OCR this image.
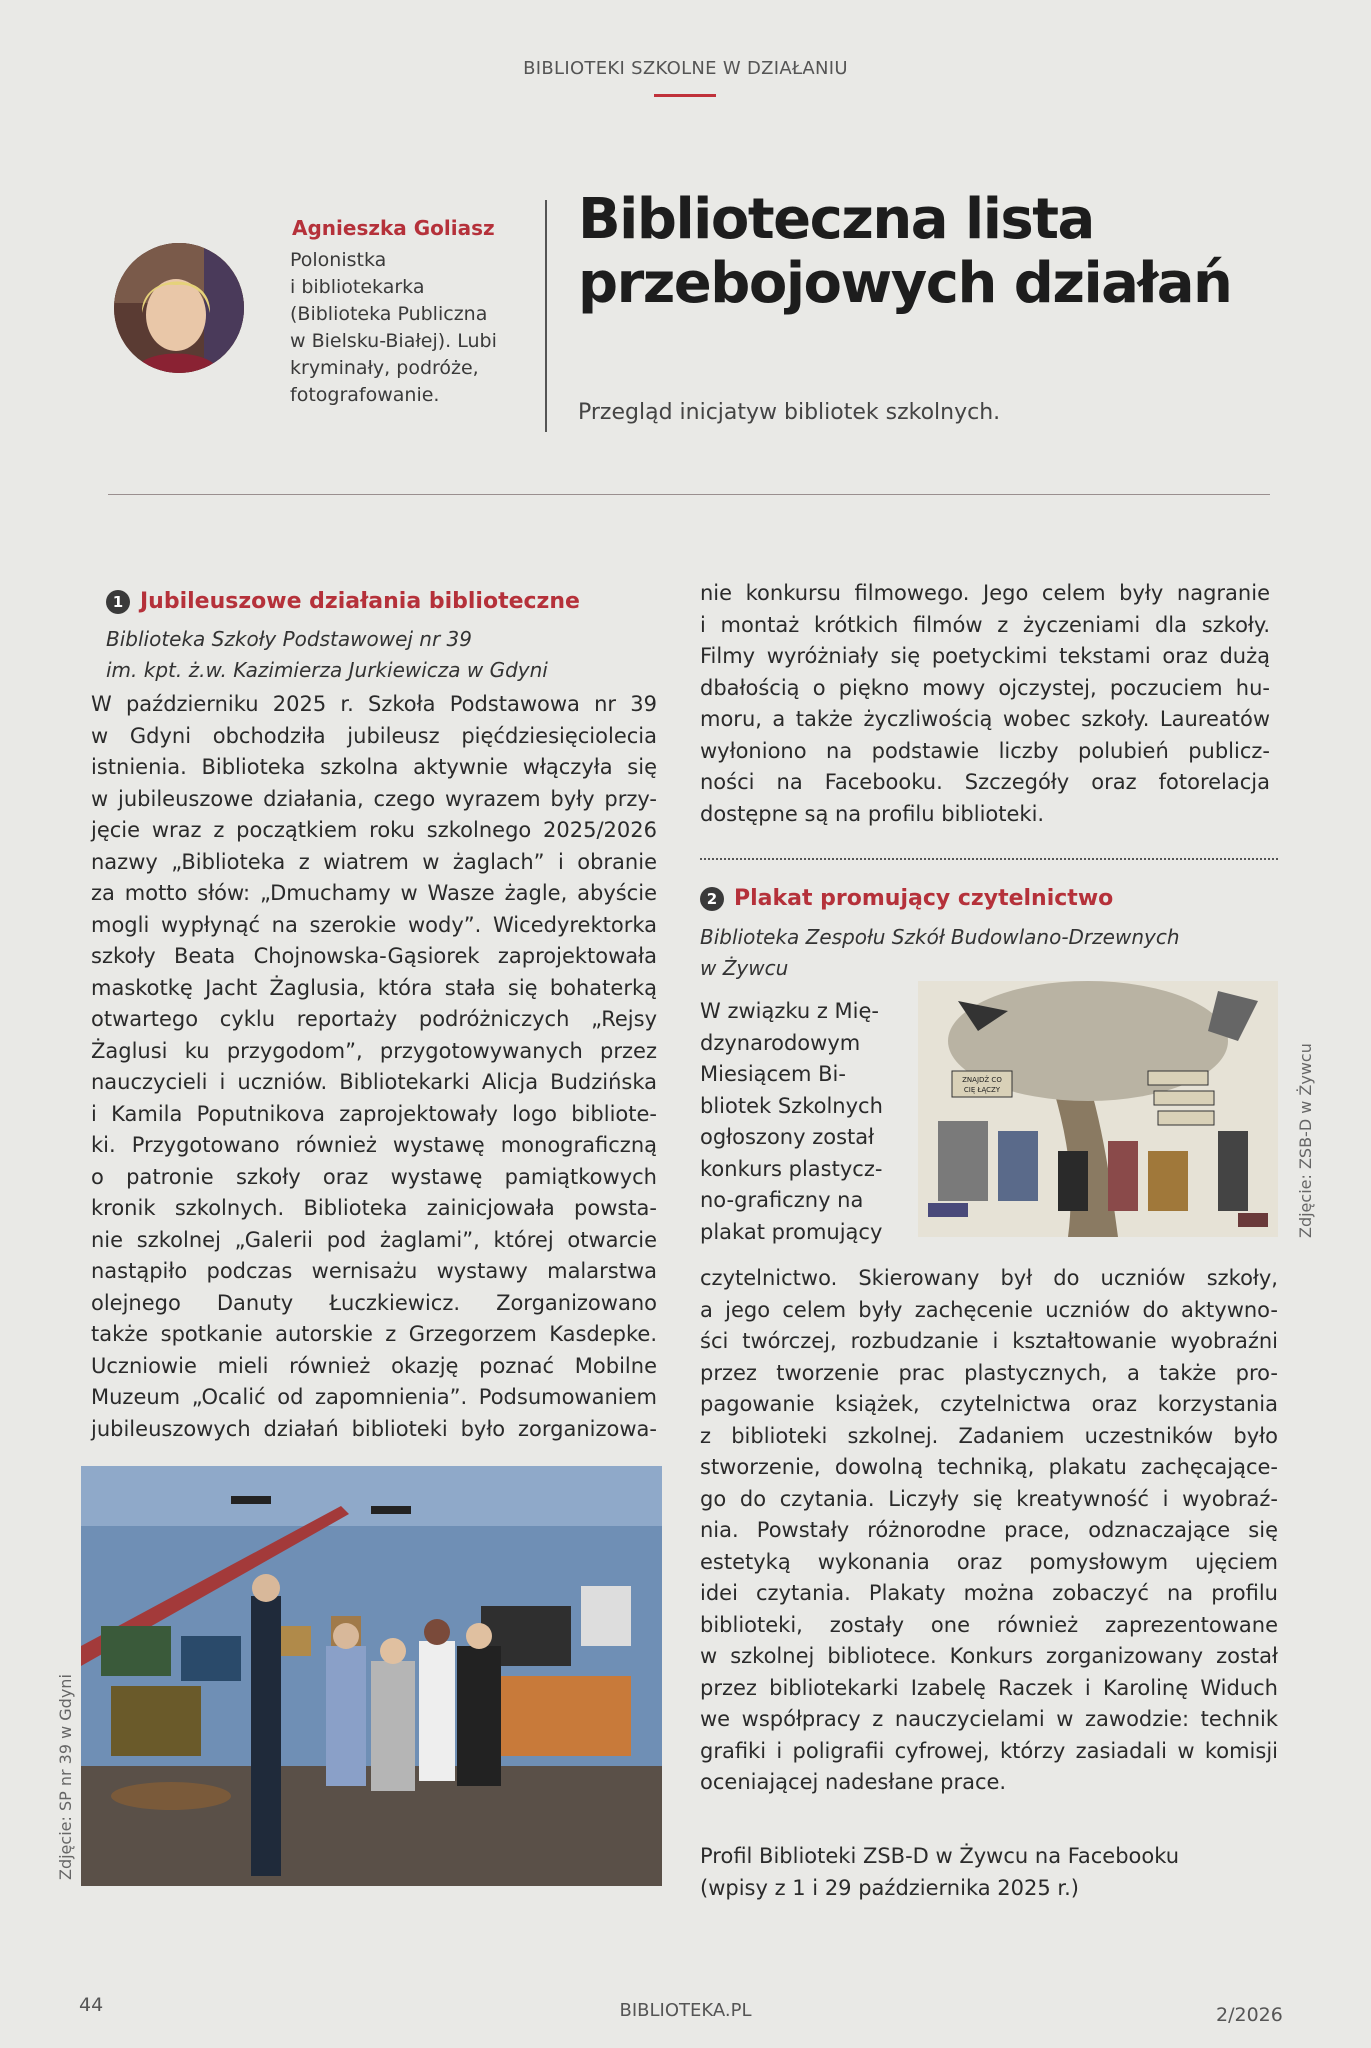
BIBLIOTEKI SZKOLNE W DZIAŁANIU
Agnieszka Goliasz
Polonistka
i bibliotekarka
(Biblioteka Publiczna
w Bielsku-Białej). Lubi
kryminały, podróże,
fotografowanie.
Biblioteczna lista
przebojowych działań
Przegląd inicjatyw bibliotek szkolnych.
1 Jubileuszowe działania biblioteczne
Biblioteka Szkoły Podstawowej nr 39
im. kpt. ż.w. Kazimierza Jurkiewicza w Gdyni
W październiku 2025 r. Szkoła Podstawowa nr 39
w Gdyni obchodziła jubileusz pięćdziesięciolecia
istnienia. Biblioteka szkolna aktywnie włączyła się
w jubileuszowe działania, czego wyrazem były przy-
jęcie wraz z początkiem roku szkolnego 2025/2026
nazwy „Biblioteka z wiatrem w żaglach” i obranie
za motto słów: „Dmuchamy w Wasze żagle, abyście
mogli wypłynąć na szerokie wody”. Wicedyrektorka
szkoły Beata Chojnowska-Gąsiorek zaprojektowała
maskotkę Jacht Żaglusia, która stała się bohaterką
otwartego cyklu reportaży podróżniczych „Rejsy
Żaglusi ku przygodom”, przygotowywanych przez
nauczycieli i uczniów. Bibliotekarki Alicja Budzińska
i Kamila Poputnikova zaprojektowały logo bibliote-
ki. Przygotowano również wystawę monograficzną
o patronie szkoły oraz wystawę pamiątkowych
kronik szkolnych. Biblioteka zainicjowała powsta-
nie szkolnej „Galerii pod żaglami”, której otwarcie
nastąpiło podczas wernisażu wystawy malarstwa
olejnego Danuty Łuczkiewicz. Zorganizowano
także spotkanie autorskie z Grzegorzem Kasdepke.
Uczniowie mieli również okazję poznać Mobilne
Muzeum „Ocalić od zapomnienia”. Podsumowaniem
jubileuszowych działań biblioteki było zorganizowa-
Zdjęcie: SP nr 39 w Gdyni
nie konkursu filmowego. Jego celem były nagranie
i montaż krótkich filmów z życzeniami dla szkoły.
Filmy wyróżniały się poetyckimi tekstami oraz dużą
dbałością o piękno mowy ojczystej, poczuciem hu-
moru, a także życzliwością wobec szkoły. Laureatów
wyłoniono na podstawie liczby polubień publicz-
ności na Facebooku. Szczegóły oraz fotorelacja
dostępne są na profilu biblioteki.
2 Plakat promujący czytelnictwo
Biblioteka Zespołu Szkół Budowlano-Drzewnych
w Żywcu
W związku z Mię-
dzynarodowym
Miesiącem Bi-
bliotek Szkolnych
ogłoszony został
konkurs plastycz-
no-graficzny na
plakat promujący
ZNAJDŹ CO
CIĘ ŁĄCZY	Zdjęcie: ZSB-D w Żywcu
czytelnictwo. Skierowany był do uczniów szkoły,
a jego celem były zachęcenie uczniów do aktywno-
ści twórczej, rozbudzanie i kształtowanie wyobraźni
przez tworzenie prac plastycznych, a także pro-
pagowanie książek, czytelnictwa oraz korzystania
z biblioteki szkolnej. Zadaniem uczestników było
stworzenie, dowolną techniką, plakatu zachęcające-
go do czytania. Liczyły się kreatywność i wyobraź-
nia. Powstały różnorodne prace, odznaczające się
estetyką wykonania oraz pomysłowym ujęciem
idei czytania. Plakaty można zobaczyć na profilu
biblioteki, zostały one również zaprezentowane
w szkolnej bibliotece. Konkurs zorganizowany został
przez bibliotekarki Izabelę Raczek i Karolinę Widuch
we współpracy z nauczycielami w zawodzie: technik
grafiki i poligrafii cyfrowej, którzy zasiadali w komisji
oceniającej nadesłane prace.
Profil Biblioteki ZSB-D w Żywcu na Facebooku
(wpisy z 1 i 29 października 2025 r.)
44	BIBLIOTEKA.PL	2/2026
